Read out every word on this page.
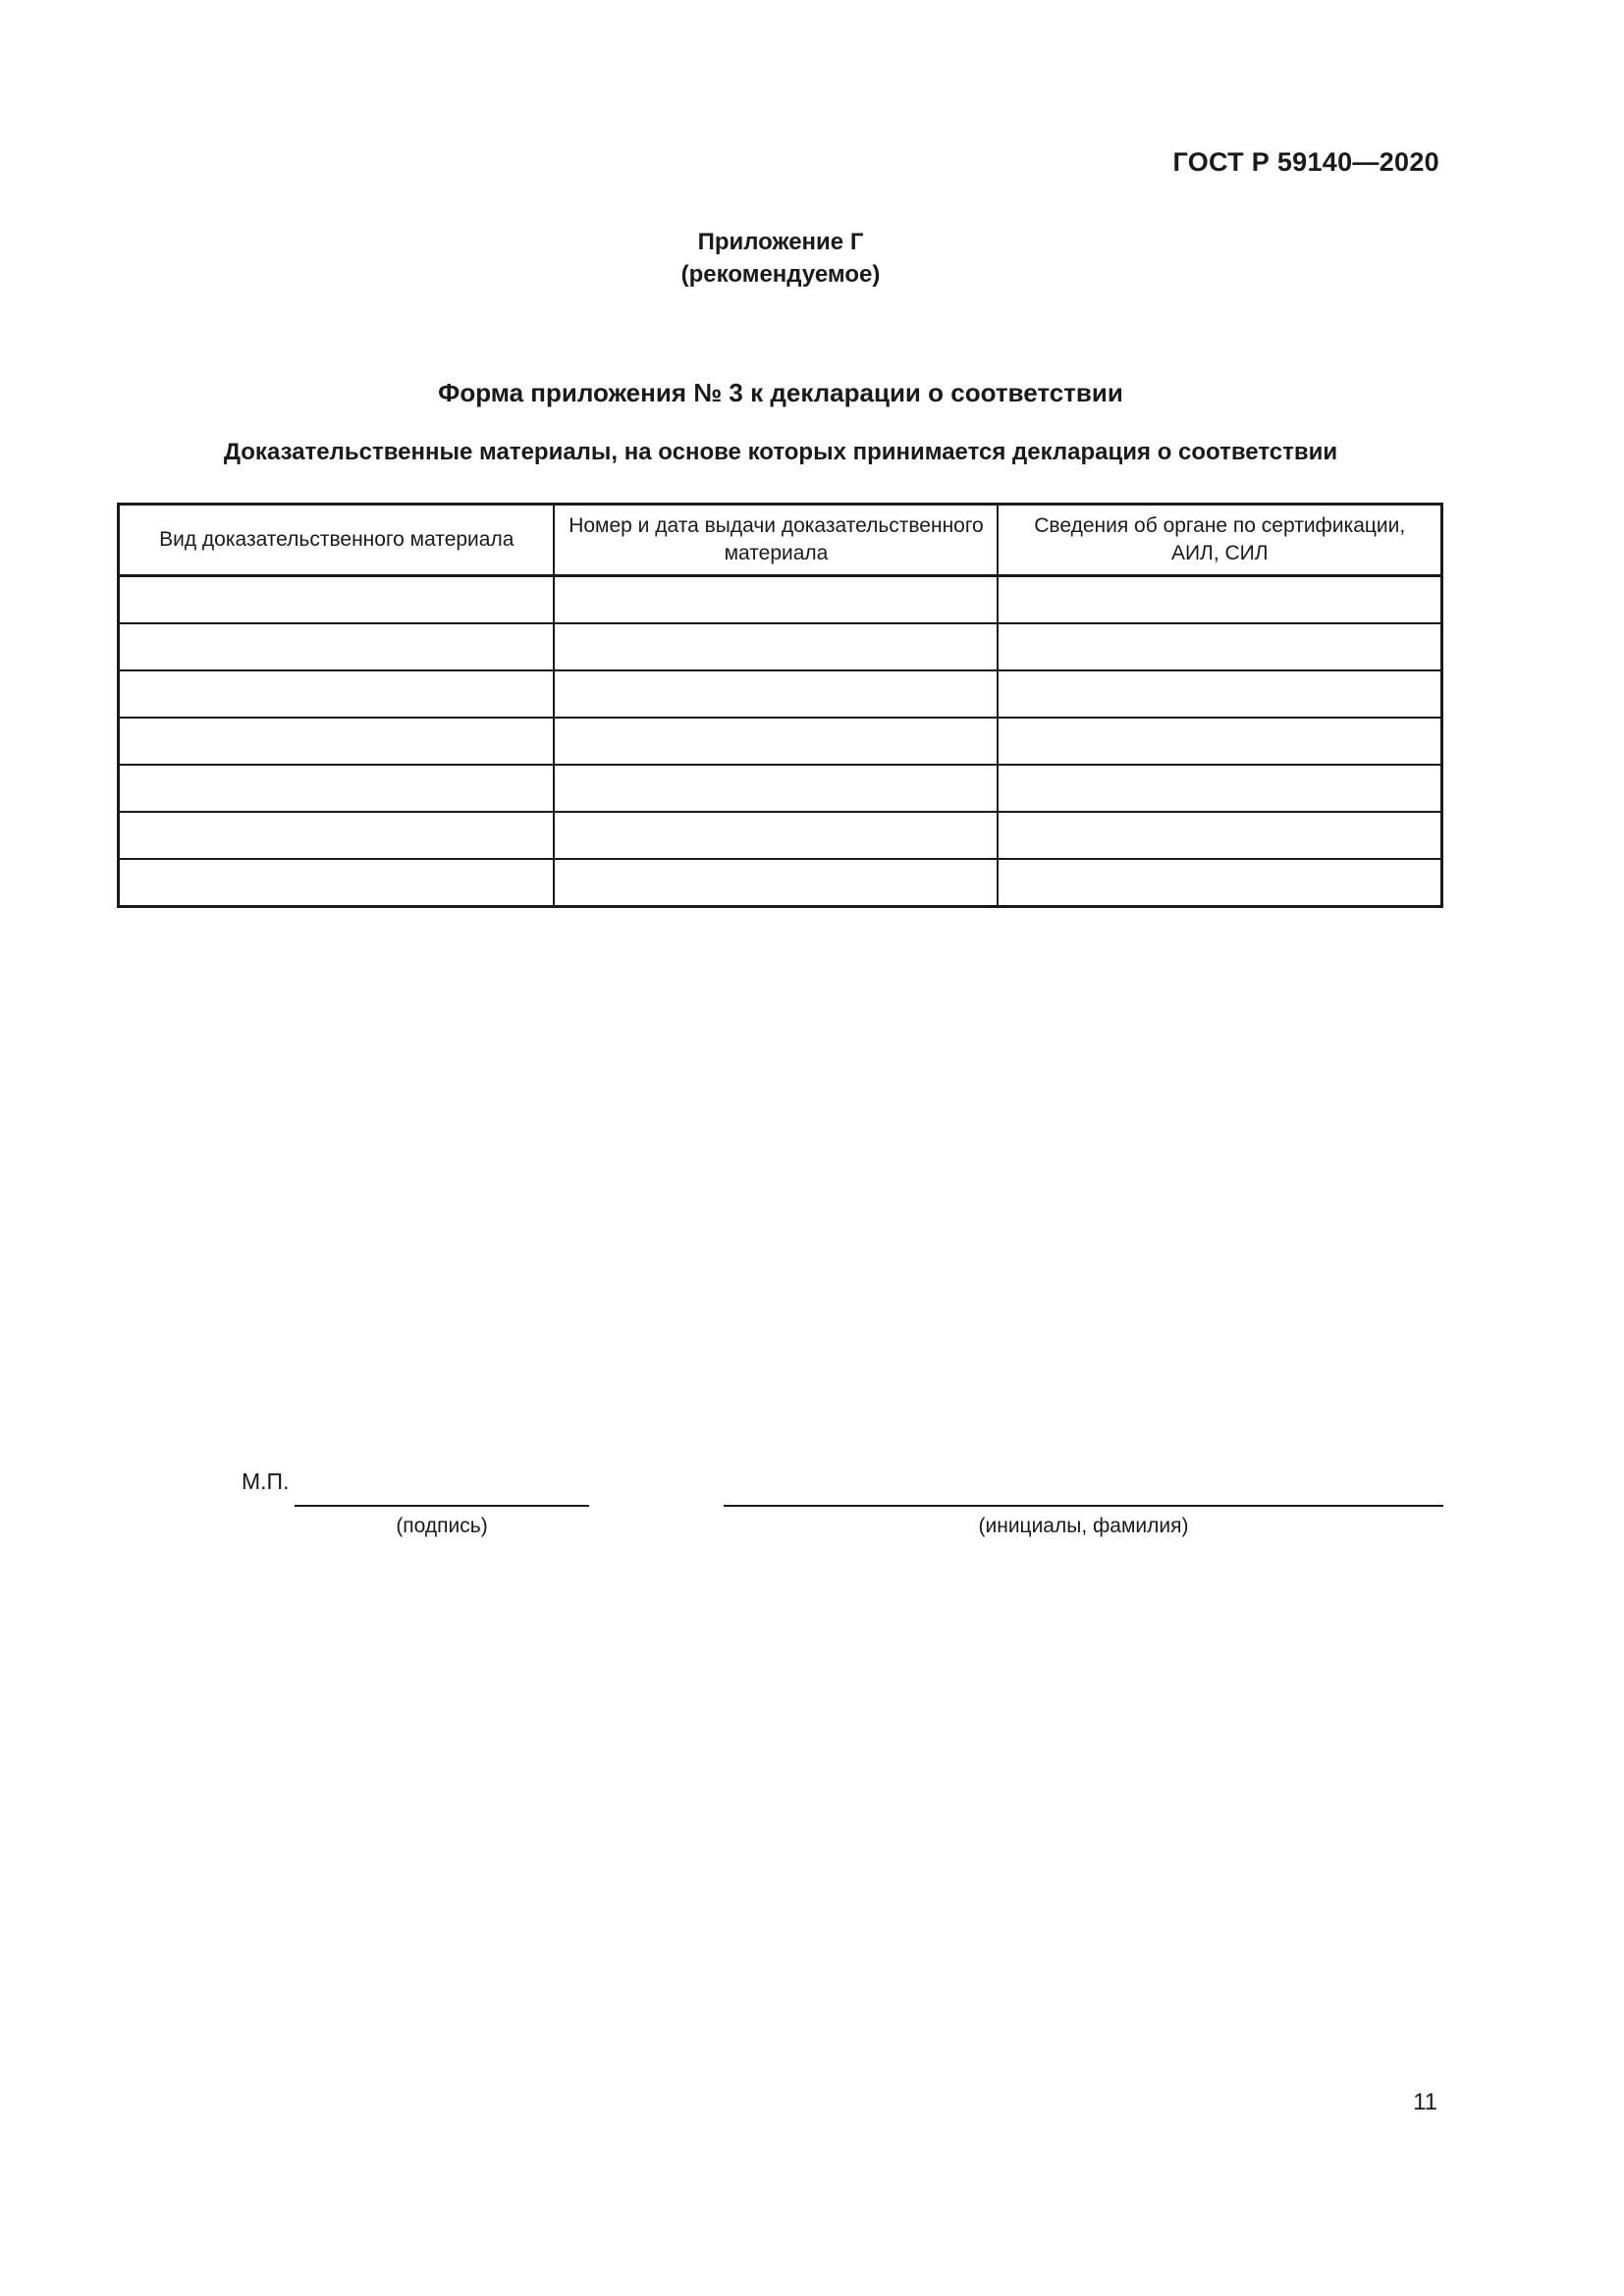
ГОСТ Р 59140—2020
Приложение Г
(рекомендуемое)
Форма приложения № 3 к декларации о соответствии
Доказательственные материалы, на основе которых принимается декларация о соответствии
Вид доказательственного материала	Номер и дата выдачи доказательственного материала	Сведения об органе по сертификации, АИЛ, СИЛ

М.П.
(подпись)	(инициалы, фамилия)
11
